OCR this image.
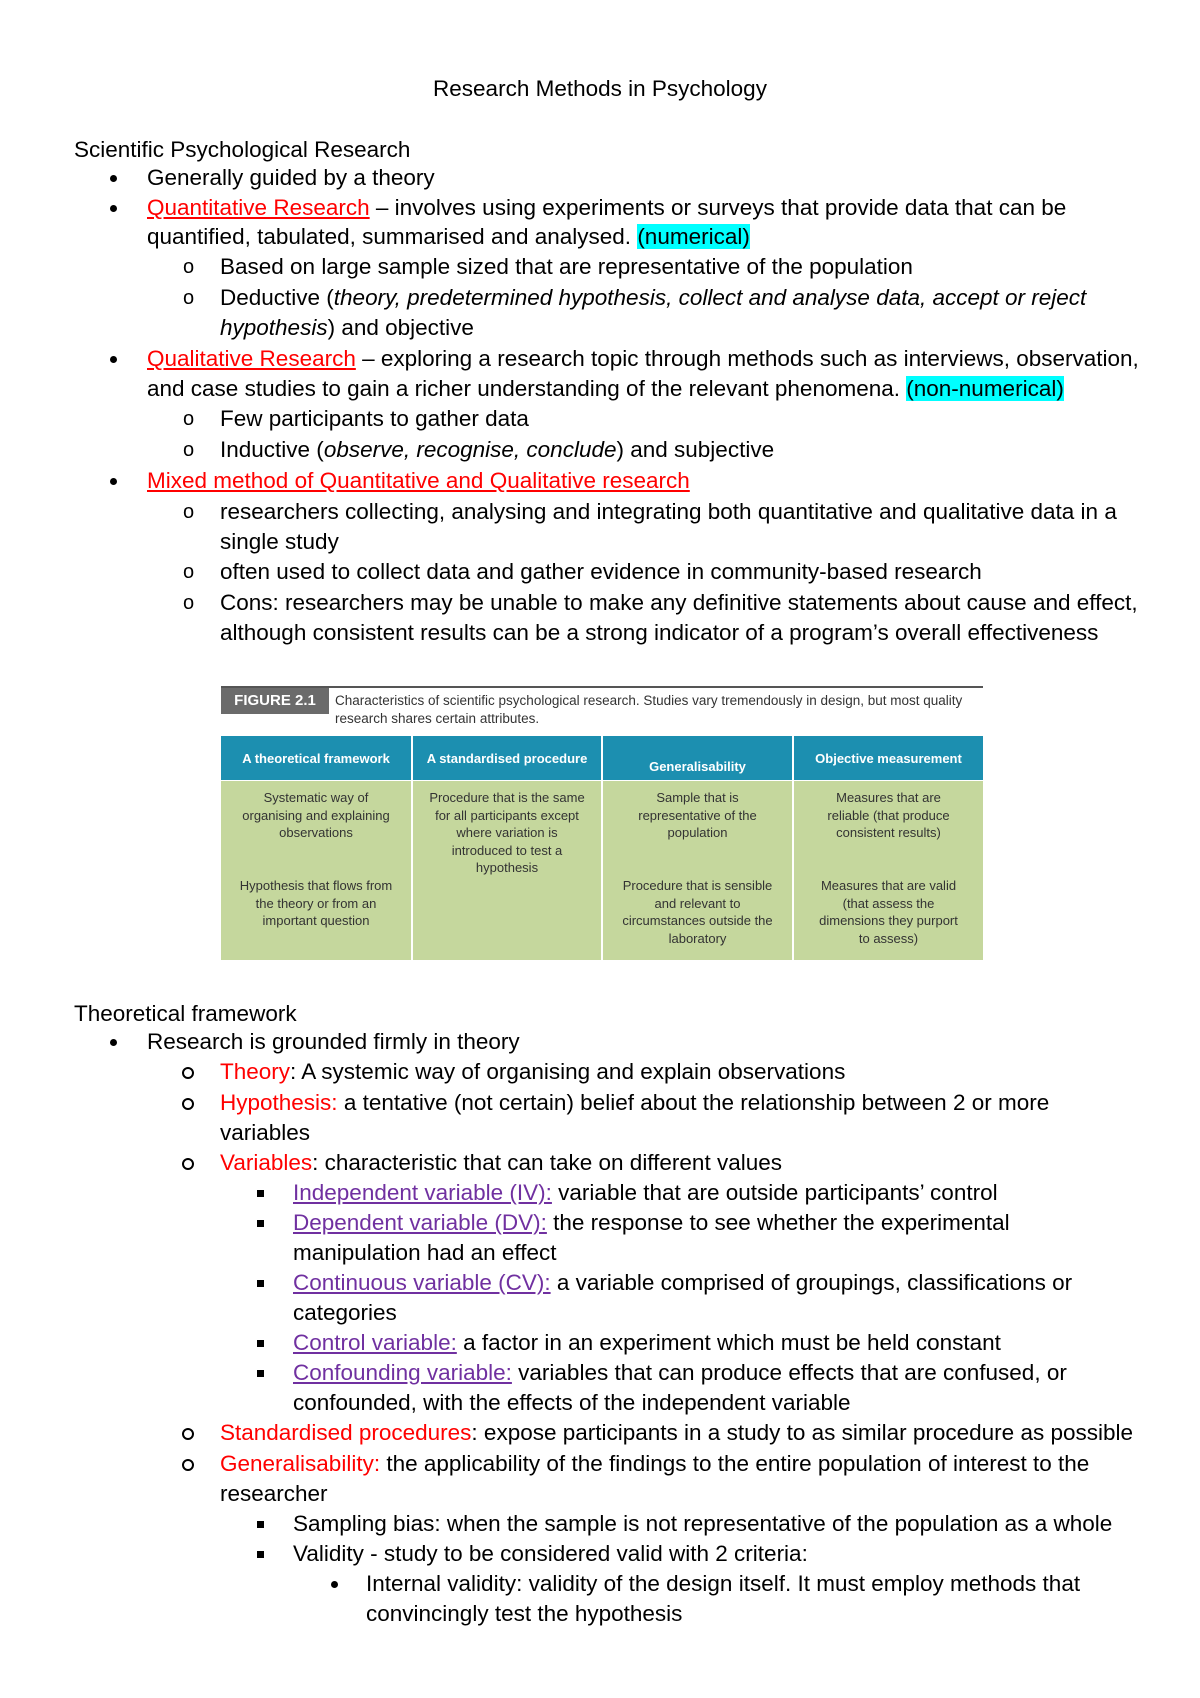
Research Methods in Psychology
Scientific Psychological Research
Generally guided by a theory
Quantitative Research – involves using experiments or surveys that provide data that can be
quantified, tabulated, summarised and analysed. (numerical)
o Based on large sample sized that are representative of the population
o Deductive (theory, predetermined hypothesis, collect and analyse data, accept or reject
hypothesis) and objective
Qualitative Research – exploring a research topic through methods such as interviews, observation,
and case studies to gain a richer understanding of the relevant phenomena. (non-numerical)
o Few participants to gather data
o Inductive (observe, recognise, conclude) and subjective
Mixed method of Quantitative and Qualitative research
o researchers collecting, analysing and integrating both quantitative and qualitative data in a
single study
o often used to collect data and gather evidence in community-based research
o Cons: researchers may be unable to make any definitive statements about cause and effect,
although consistent results can be a strong indicator of a program’s overall effectiveness
FIGURE 2.1	Characteristics of scientific psychological research. Studies vary tremendously in design, but most quality research shares certain attributes.
A theoretical framework
Systematic way of organising and explaining observations
Hypothesis that flows from the theory or from an important question
A standardised procedure
Procedure that is the same for all participants except where variation is introduced to test a hypothesis
Generalisability
Sample that is representative of the population
Procedure that is sensible and relevant to circumstances outside the laboratory
Objective measurement
Measures that are reliable (that produce consistent results)
Measures that are valid (that assess the dimensions they purport to assess)
Theoretical framework
Research is grounded firmly in theory
Theory: A systemic way of organising and explain observations
Hypothesis: a tentative (not certain) belief about the relationship between 2 or more
variables
Variables: characteristic that can take on different values
Independent variable (IV): variable that are outside participants’ control
Dependent variable (DV): the response to see whether the experimental
manipulation had an effect
Continuous variable (CV): a variable comprised of groupings, classifications or
categories
Control variable: a factor in an experiment which must be held constant
Confounding variable: variables that can produce effects that are confused, or
confounded, with the effects of the independent variable
Standardised procedures: expose participants in a study to as similar procedure as possible
Generalisability: the applicability of the findings to the entire population of interest to the
researcher
Sampling bias: when the sample is not representative of the population as a whole
Validity - study to be considered valid with 2 criteria:
Internal validity: validity of the design itself. It must employ methods that
convincingly test the hypothesis
